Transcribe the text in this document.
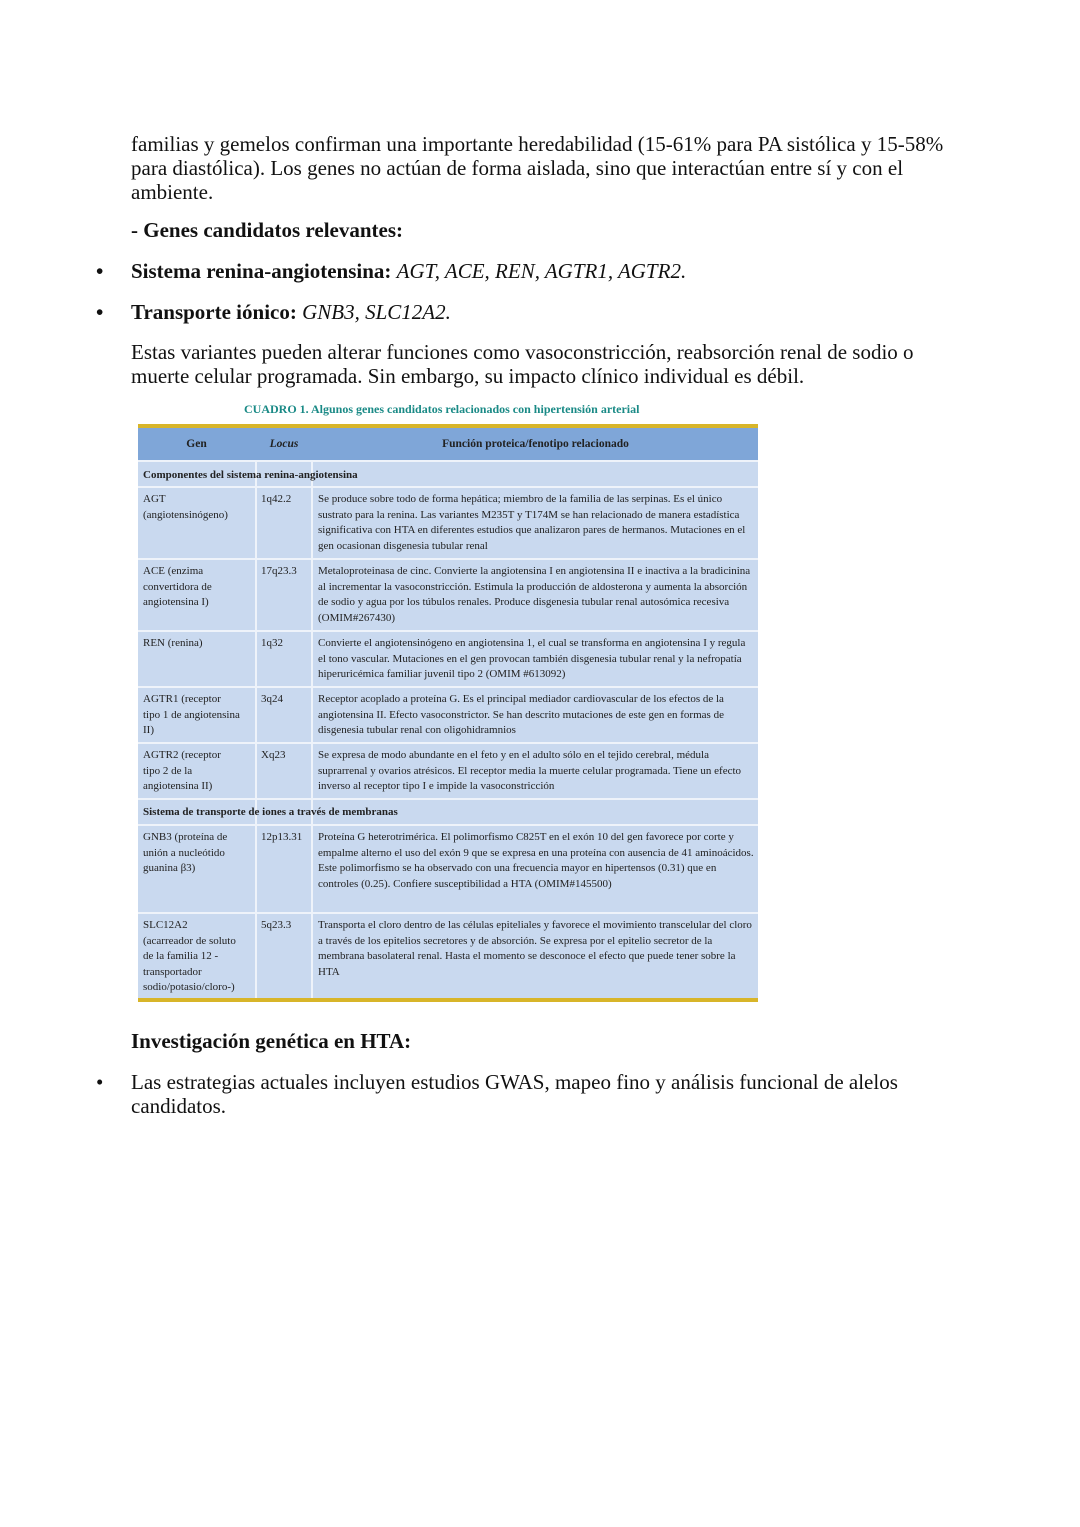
familias y gemelos confirman una importante heredabilidad (15-61% para PA sistólica y 15-58% para diastólica). Los genes no actúan de forma aislada, sino que interactúan entre sí y con el ambiente.

- Genes candidatos relevantes:

•	Sistema renina-angiotensina: AGT, ACE, REN, AGTR1, AGTR2.
•	Transporte iónico: GNB3, SLC12A2.

Estas variantes pueden alterar funciones como vasoconstricción, reabsorción renal de sodio o muerte celular programada. Sin embargo, su impacto clínico individual es débil.

CUADRO 1. Algunos genes candidatos relacionados con hipertensión arterial
Gen	Locus	Función proteica/fenotipo relacionado
Componentes del sistema renina-angiotensina
AGT
(angiotensinógeno)
1q42.2	Se produce sobre todo de forma hepática; miembro de la familia de las serpinas. Es el único sustrato para la renina. Las variantes M235T y T174M se han relacionado de manera estadística significativa con HTA en diferentes estudios que analizaron pares de hermanos. Mutaciones en el gen ocasionan disgenesia tubular renal
ACE (enzima
convertidora de
angiotensina I)
17q23.3	Metaloproteinasa de cinc. Convierte la angiotensina I en angiotensina II e inactiva a la bradicinina al incrementar la vasoconstricción. Estimula la producción de aldosterona y aumenta la absorción de sodio y agua por los túbulos renales. Produce disgenesia tubular renal autosómica recesiva (OMIM#267430)
REN (renina)	1q32	Convierte el angiotensinógeno en angiotensina 1, el cual se transforma en angiotensina I y regula el tono vascular. Mutaciones en el gen provocan también disgenesia tubular renal y la nefropatía hiperuricémica familiar juvenil tipo 2 (OMIM #613092)
AGTR1 (receptor
tipo 1 de angiotensina
II)
3q24	Receptor acoplado a proteína G. Es el principal mediador cardiovascular de los efectos de la angiotensina II. Efecto vasoconstrictor. Se han descrito mutaciones de este gen en formas de disgenesia tubular renal con oligohidramnios
AGTR2 (receptor
tipo 2 de la
angiotensina II)
Xq23	Se expresa de modo abundante en el feto y en el adulto sólo en el tejido cerebral, médula suprarrenal y ovarios atrésicos. El receptor media la muerte celular programada. Tiene un efecto inverso al receptor tipo I e impide la vasoconstricción
Sistema de transporte de iones a través de membranas
GNB3 (proteína de
unión a nucleótido
guanina β3)
12p13.31	Proteína G heterotrimérica. El polimorfismo C825T en el exón 10 del gen favorece por corte y empalme alterno el uso del exón 9 que se expresa en una proteína con ausencia de 41 aminoácidos. Este polimorfismo se ha observado con una frecuencia mayor en hipertensos (0.31) que en controles (0.25). Confiere susceptibilidad a HTA (OMIM#145500)
SLC12A2
(acarreador de soluto
de la familia 12 -
transportador
sodio/potasio/cloro-)
5q23.3	Transporta el cloro dentro de las células epiteliales y favorece el movimiento transcelular del cloro a través de los epitelios secretores y de absorción. Se expresa por el epitelio secretor de la membrana basolateral renal. Hasta el momento se desconoce el efecto que puede tener sobre la HTA

Investigación genética en HTA:

•	Las estrategias actuales incluyen estudios GWAS, mapeo fino y análisis funcional de alelos candidatos.
